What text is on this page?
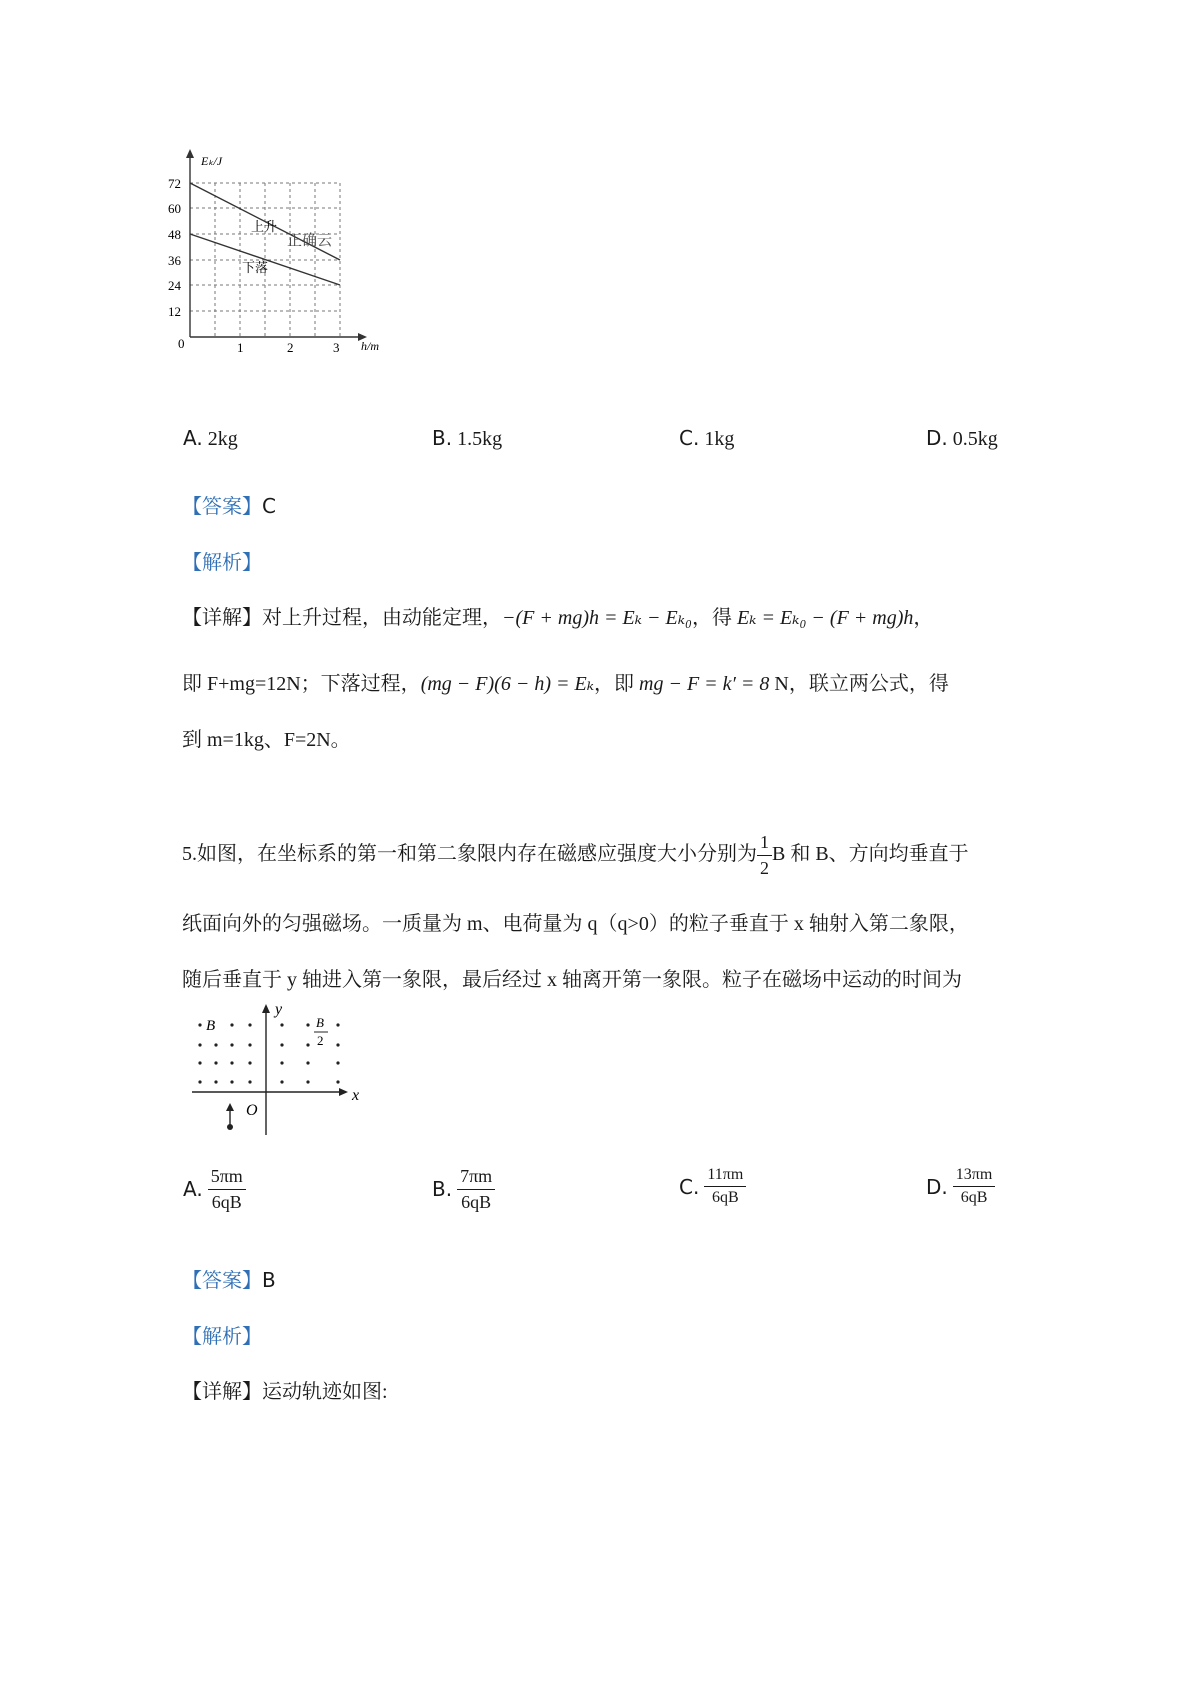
Eₖ/J
h/m
72
60
48
36
24
12
0	1	2	3
上升
下落
正确云
A. 2kg	B. 1.5kg	C. 1kg	D. 0.5kg
【答案】C
【解析】
【详解】对上升过程，由动能定理，−(F + mg)h = Eₖ − Eₖ₀，得 Eₖ = Eₖ₀ − (F + mg)h，
即 F+mg=12N；下落过程，(mg − F)(6 − h) = Eₖ，即 mg − F = k′ = 8 N，联立两公式，得
到 m=1kg、F=2N。
5.如图，在坐标系的第一和第二象限内存在磁感应强度大小分别为 $\frac{1}{2}$ B 和 B、方向均垂直于
纸面向外的匀强磁场。一质量为 m、电荷量为 q（q>0）的粒子垂直于 x 轴射入第二象限，
随后垂直于 y 轴进入第一象限，最后经过 x 轴离开第一象限。粒子在磁场中运动的时间为
B	B
2
y
x
O
A. $\frac{5\pi m}{6qB}$	B. $\frac{7\pi m}{6qB}$	C. $\frac{11\pi m}{6qB}$	D. $\frac{13\pi m}{6qB}$
【答案】B
【解析】
【详解】运动轨迹如图:
